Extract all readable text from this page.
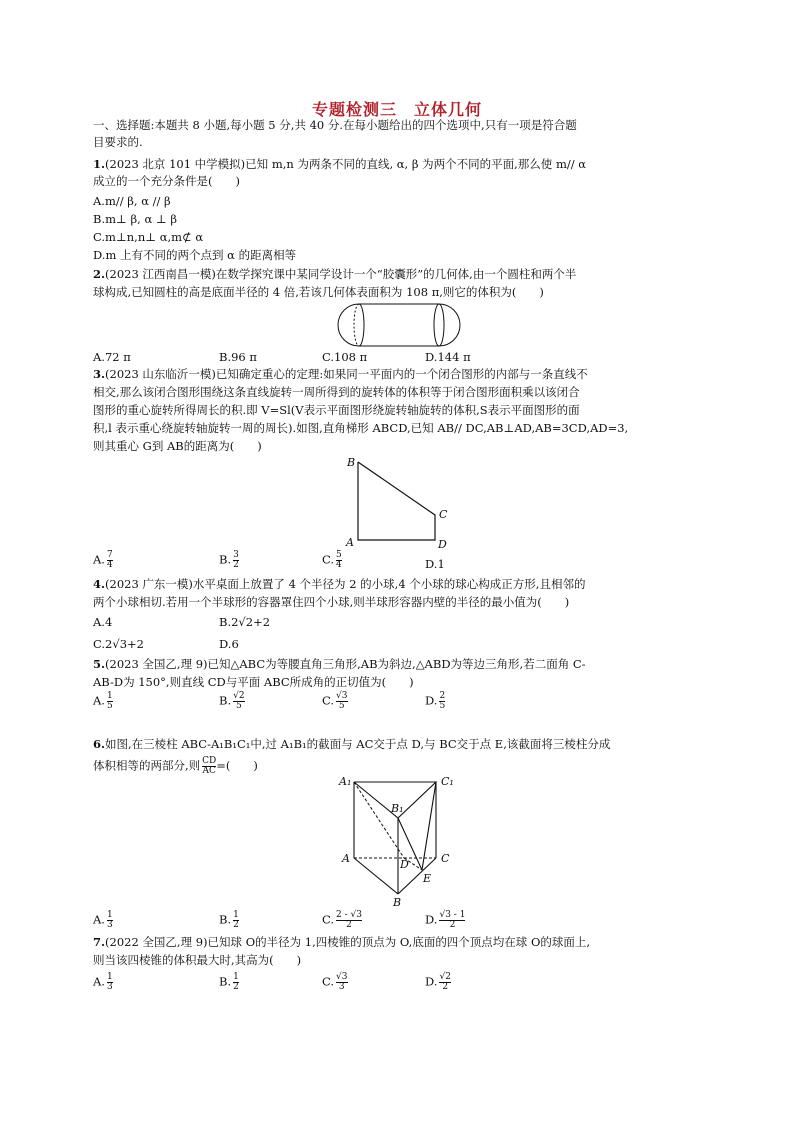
专题检测三　立体几何
一、选择题:本题共 8 小题,每小题 5 分,共 40 分.在每小题给出的四个选项中,只有一项是符合题
目要求的.
1.(2023 北京 101 中学模拟)已知 m,n 为两条不同的直线, α, β 为两个不同的平面,那么使 m// α
成立的一个充分条件是(　　)
A.m// β, α // β
B.m⊥ β, α ⊥ β
C.m⊥n,n⊥ α,m⊄ α
D.m 上有不同的两个点到 α 的距离相等
2.(2023 江西南昌一模)在数学探究课中某同学设计一个“胶囊形”的几何体,由一个圆柱和两个半
球构成,已知圆柱的高是底面半径的 4 倍,若该几何体表面积为 108 π,则它的体积为(　　)
A.72 π	B.96 π	C.108 π	D.144 π
3.(2023 山东临沂一模)已知确定重心的定理:如果同一平面内的一个闭合图形的内部与一条直线不
相交,那么该闭合图形围绕这条直线旋转一周所得到的旋转体的体积等于闭合图形面积乘以该闭合
图形的重心旋转所得周长的积.即 V=Sl(V表示平面图形绕旋转轴旋转的体积,S表示平面图形的面
积,l 表示重心绕旋转轴旋转一周的周长).如图,直角梯形 ABCD,已知 AB// DC,AB⊥AD,AB=3CD,AD=3,
则其重心 G到 AB的距离为(　　)
B
C
A	D
A. $\frac{7}{4}$	B. $\frac{3}{2}$	C. $\frac{5}{4}$	D.1
4.(2023 广东一模)水平桌面上放置了 4 个半径为 2 的小球,4 个小球的球心构成正方形,且相邻的
两个小球相切.若用一个半球形的容器罩住四个小球,则半球形容器内壁的半径的最小值为(　　)
A.4	B.2√2+2
C.2√3+2	D.6
5.(2023 全国乙,理 9)已知△ABC为等腰直角三角形,AB为斜边,△ABD为等边三角形,若二面角 C-
AB-D为 150°,则直线 CD与平面 ABC所成角的正切值为(　　)
A. $\frac{1}{5}$	B. $\frac{√2}{5}$	C. $\frac{√3}{5}$	D. $\frac{2}{5}$
6.如图,在三棱柱 ABC-A₁B₁C₁中,过 A₁B₁的截面与 AC交于点 D,与 BC交于点 E,该截面将三棱柱分成
体积相等的两部分,则 $\frac{CD}{AC}$ =(　　)
A₁	C₁
B₁
A	D	C
E
B
A. $\frac{1}{3}$	B. $\frac{1}{2}$	C. $\frac{2 - √3}{2}$	D. $\frac{√3 - 1}{2}$
7.(2022 全国乙,理 9)已知球 O的半径为 1,四棱锥的顶点为 O,底面的四个顶点均在球 O的球面上,
则当该四棱锥的体积最大时,其高为(　　)
A. $\frac{1}{3}$	B. $\frac{1}{2}$	C. $\frac{√3}{3}$	D. $\frac{√2}{2}$
